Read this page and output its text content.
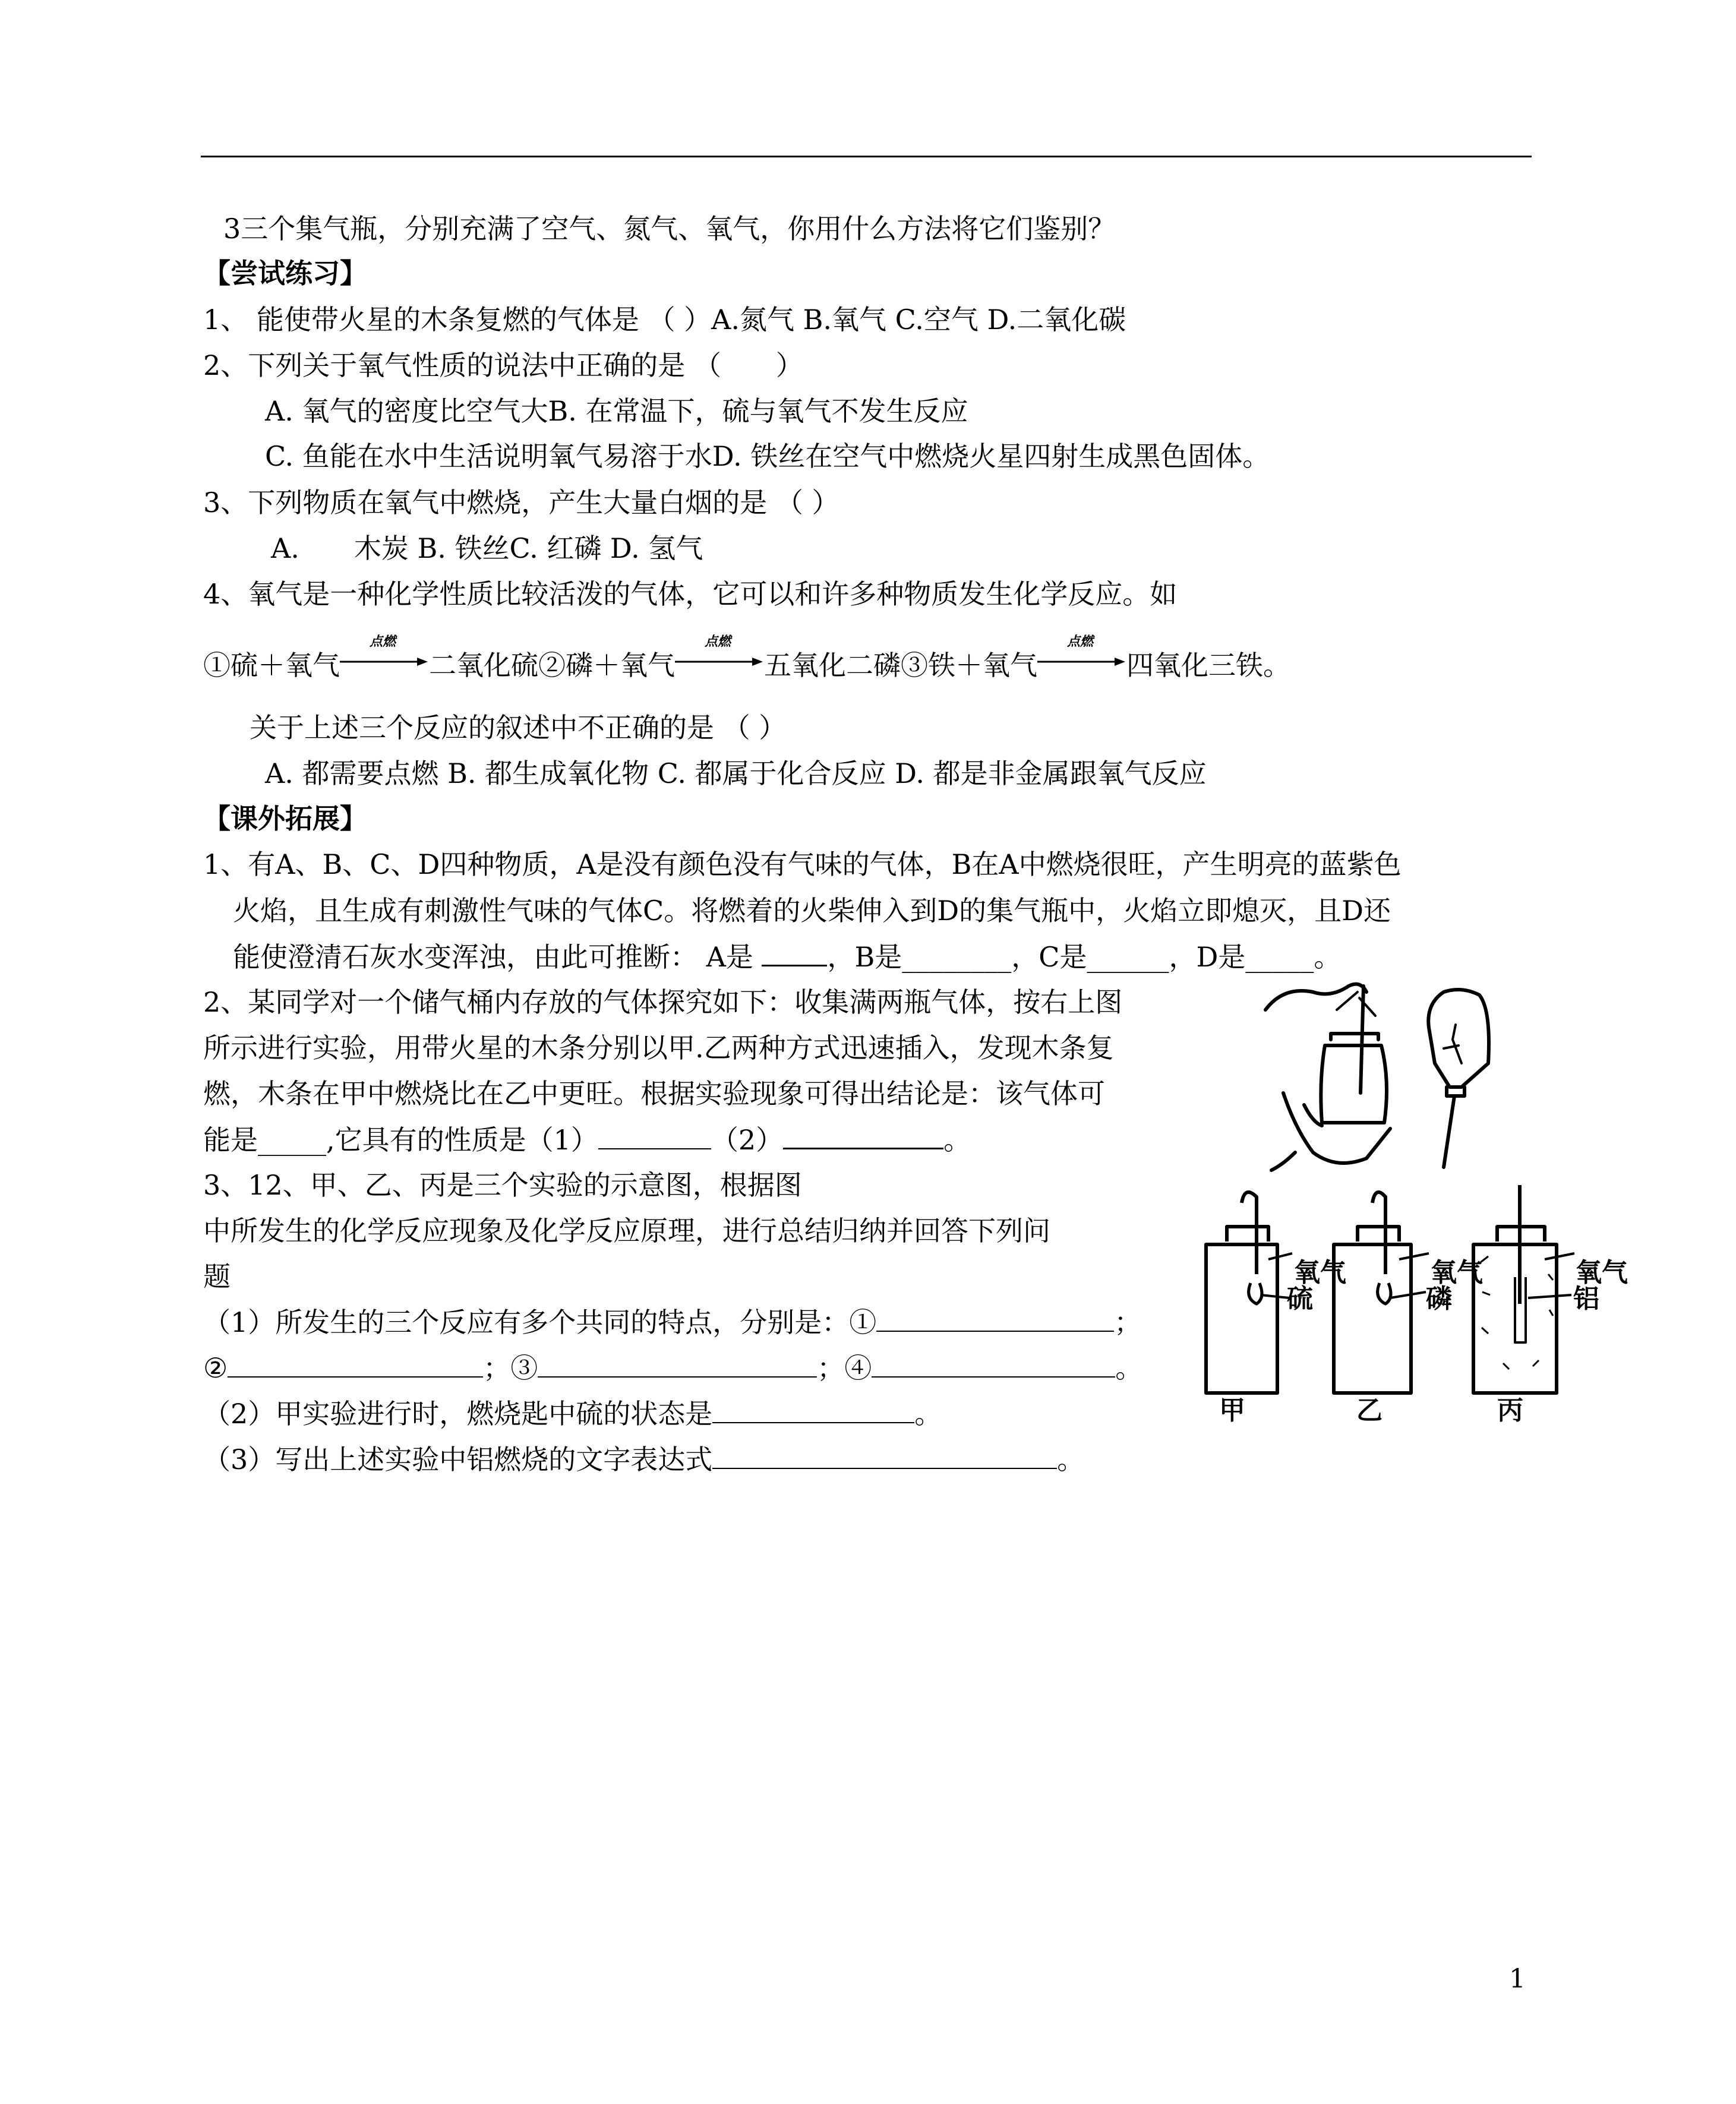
3三个集气瓶，分别充满了空气、氮气、氧气，你用什么方法将它们鉴别？
【尝试练习】
1、 能使带火星的木条复燃的气体是 （ ）A.氮气 B.氧气 C.空气 D.二氧化碳
2、下列关于氧气性质的说法中正确的是 （　　）
A. 氧气的密度比空气大B. 在常温下，硫与氧气不发生反应
C. 鱼能在水中生活说明氧气易溶于水D. 铁丝在空气中燃烧火星四射生成黑色固体。
3、下列物质在氧气中燃烧，产生大量白烟的是 （ ）
A.　　木炭 B. 铁丝C. 红磷 D. 氢气
4、氧气是一种化学性质比较活泼的气体，它可以和许多种物质发生化学反应。如
①硫＋氧气
点燃
二氧化硫②磷＋氧气
点燃
五氧化二磷③铁＋氧气
点燃
四氧化三铁。
关于上述三个反应的叙述中不正确的是 （ ）
A. 都需要点燃 B. 都生成氧化物 C. 都属于化合反应 D. 都是非金属跟氧气反应
【课外拓展】
1、有A、B、C、D四种物质，A是没有颜色没有气味的气体，B在A中燃烧很旺，产生明亮的蓝紫色
火焰，且生成有刺激性气味的气体C。将燃着的火柴伸入到D的集气瓶中，火焰立即熄灭，且D还
能使澄清石灰水变浑浊，由此可推断： A是	，B是________，C是______，D是_____。
2、某同学对一个储气桶内存放的气体探究如下：收集满两瓶气体，按右上图
所示进行实验，用带火星的木条分别以甲.乙两种方式迅速插入，发现木条复
燃，木条在甲中燃烧比在乙中更旺。根据实验现象可得出结论是：该气体可
能是_____,它具有的性质是（1）	（2）	。
3、12、甲、乙、丙是三个实验的示意图，根据图
中所发生的化学反应现象及化学反应原理，进行总结归纳并回答下列问
题
（1）所发生的三个反应有多个共同的特点，分别是：①	；
②	；③	；④	。
（2）甲实验进行时，燃烧匙中硫的状态是	。
（3）写出上述实验中铝燃烧的文字表达式	。
氧气
硫
氧气
磷
氧气
铝
甲	乙	丙
1
